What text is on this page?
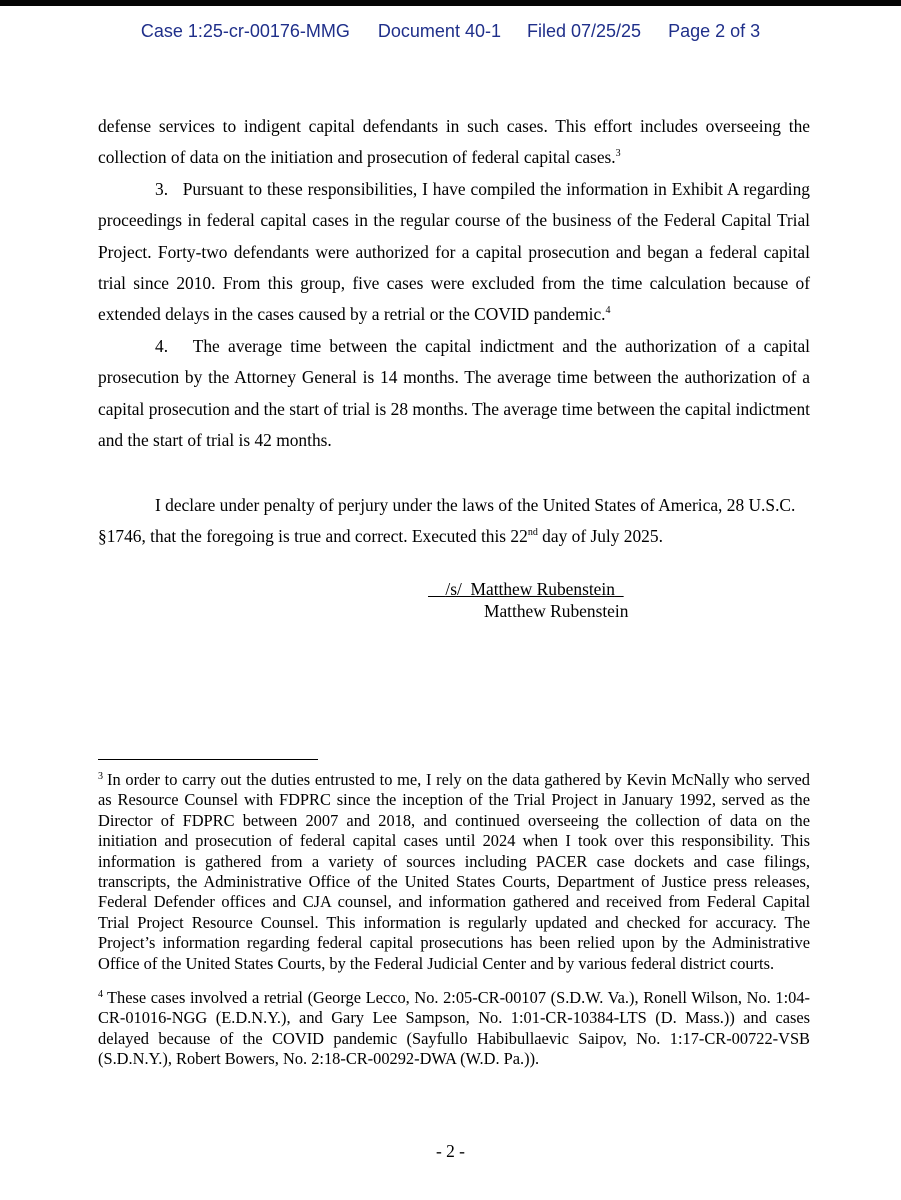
Case 1:25-cr-00176-MMG Document 40-1 Filed 07/25/25 Page 2 of 3

defense services to indigent capital defendants in such cases. This effort includes overseeing the collection of data on the initiation and prosecution of federal capital cases.$^3$

3. Pursuant to these responsibilities, I have compiled the information in Exhibit A regarding proceedings in federal capital cases in the regular course of the business of the Federal Capital Trial Project. Forty-two defendants were authorized for a capital prosecution and began a federal capital trial since 2010. From this group, five cases were excluded from the time calculation because of extended delays in the cases caused by a retrial or the COVID pandemic.$^4$

4. The average time between the capital indictment and the authorization of a capital prosecution by the Attorney General is 14 months. The average time between the authorization of a capital prosecution and the start of trial is 28 months. The average time between the capital indictment and the start of trial is 42 months.

I declare under penalty of perjury under the laws of the United States of America, 28 U.S.C. §1746, that the foregoing is true and correct. Executed this 22nd day of July 2025.

/s/  Matthew Rubenstein
Matthew Rubenstein

$^3$ In order to carry out the duties entrusted to me, I rely on the data gathered by Kevin McNally who served as Resource Counsel with FDPRC since the inception of the Trial Project in January 1992, served as the Director of FDPRC between 2007 and 2018, and continued overseeing the collection of data on the initiation and prosecution of federal capital cases until 2024 when I took over this responsibility. This information is gathered from a variety of sources including PACER case dockets and case filings, transcripts, the Administrative Office of the United States Courts, Department of Justice press releases, Federal Defender offices and CJA counsel, and information gathered and received from Federal Capital Trial Project Resource Counsel. This information is regularly updated and checked for accuracy. The Project’s information regarding federal capital prosecutions has been relied upon by the Administrative Office of the United States Courts, by the Federal Judicial Center and by various federal district courts.

$^4$ These cases involved a retrial (George Lecco, No. 2:05-CR-00107 (S.D.W. Va.), Ronell Wilson, No. 1:04-CR-01016-NGG (E.D.N.Y.), and Gary Lee Sampson, No. 1:01-CR-10384-LTS (D. Mass.)) and cases delayed because of the COVID pandemic (Sayfullo Habibullaevic Saipov, No. 1:17-CR-00722-VSB (S.D.N.Y.), Robert Bowers, No. 2:18-CR-00292-DWA (W.D. Pa.)).

- 2 -
